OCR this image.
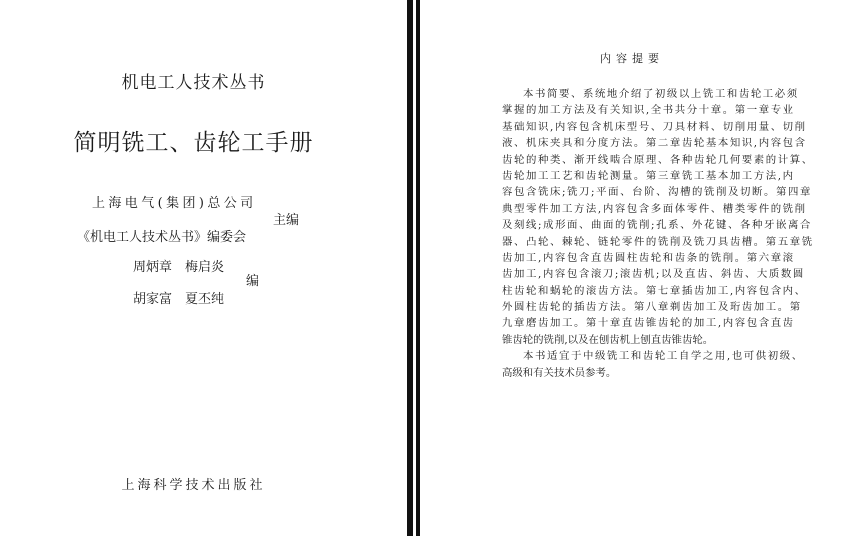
机电工人技术丛书
简明铣工、齿轮工手册
上海电气(集团)总公司
《机电工人技术丛书》编委会
主编
周炳章　梅启炎
胡家富　夏丕纯
编
上海科学技术出版社
内容提要
本书简要、系统地介绍了初级以上铣工和齿轮工必须
掌握的加工方法及有关知识,全书共分十章。第一章专业
基础知识,内容包含机床型号、刀具材料、切削用量、切削
液、机床夹具和分度方法。第二章齿轮基本知识,内容包含
齿轮的种类、渐开线啮合原理、各种齿轮几何要素的计算、
齿轮加工工艺和齿轮测量。第三章铣工基本加工方法,内
容包含铣床;铣刀;平面、台阶、沟槽的铣削及切断。第四章
典型零件加工方法,内容包含多面体零件、槽类零件的铣削
及刻线;成形面、曲面的铣削;孔系、外花键、各种牙嵌离合
器、凸轮、棘轮、链轮零件的铣削及铣刀具齿槽。第五章铣
齿加工,内容包含直齿圆柱齿轮和齿条的铣削。第六章滚
齿加工,内容包含滚刀;滚齿机;以及直齿、斜齿、大质数圆
柱齿轮和蜗轮的滚齿方法。第七章插齿加工,内容包含内、
外圆柱齿轮的插齿方法。第八章剃齿加工及珩齿加工。第
九章磨齿加工。第十章直齿锥齿轮的加工,内容包含直齿
锥齿轮的铣削,以及在刨齿机上刨直齿锥齿轮。
本书适宜于中级铣工和齿轮工自学之用,也可供初级、
高级和有关技术员参考。
